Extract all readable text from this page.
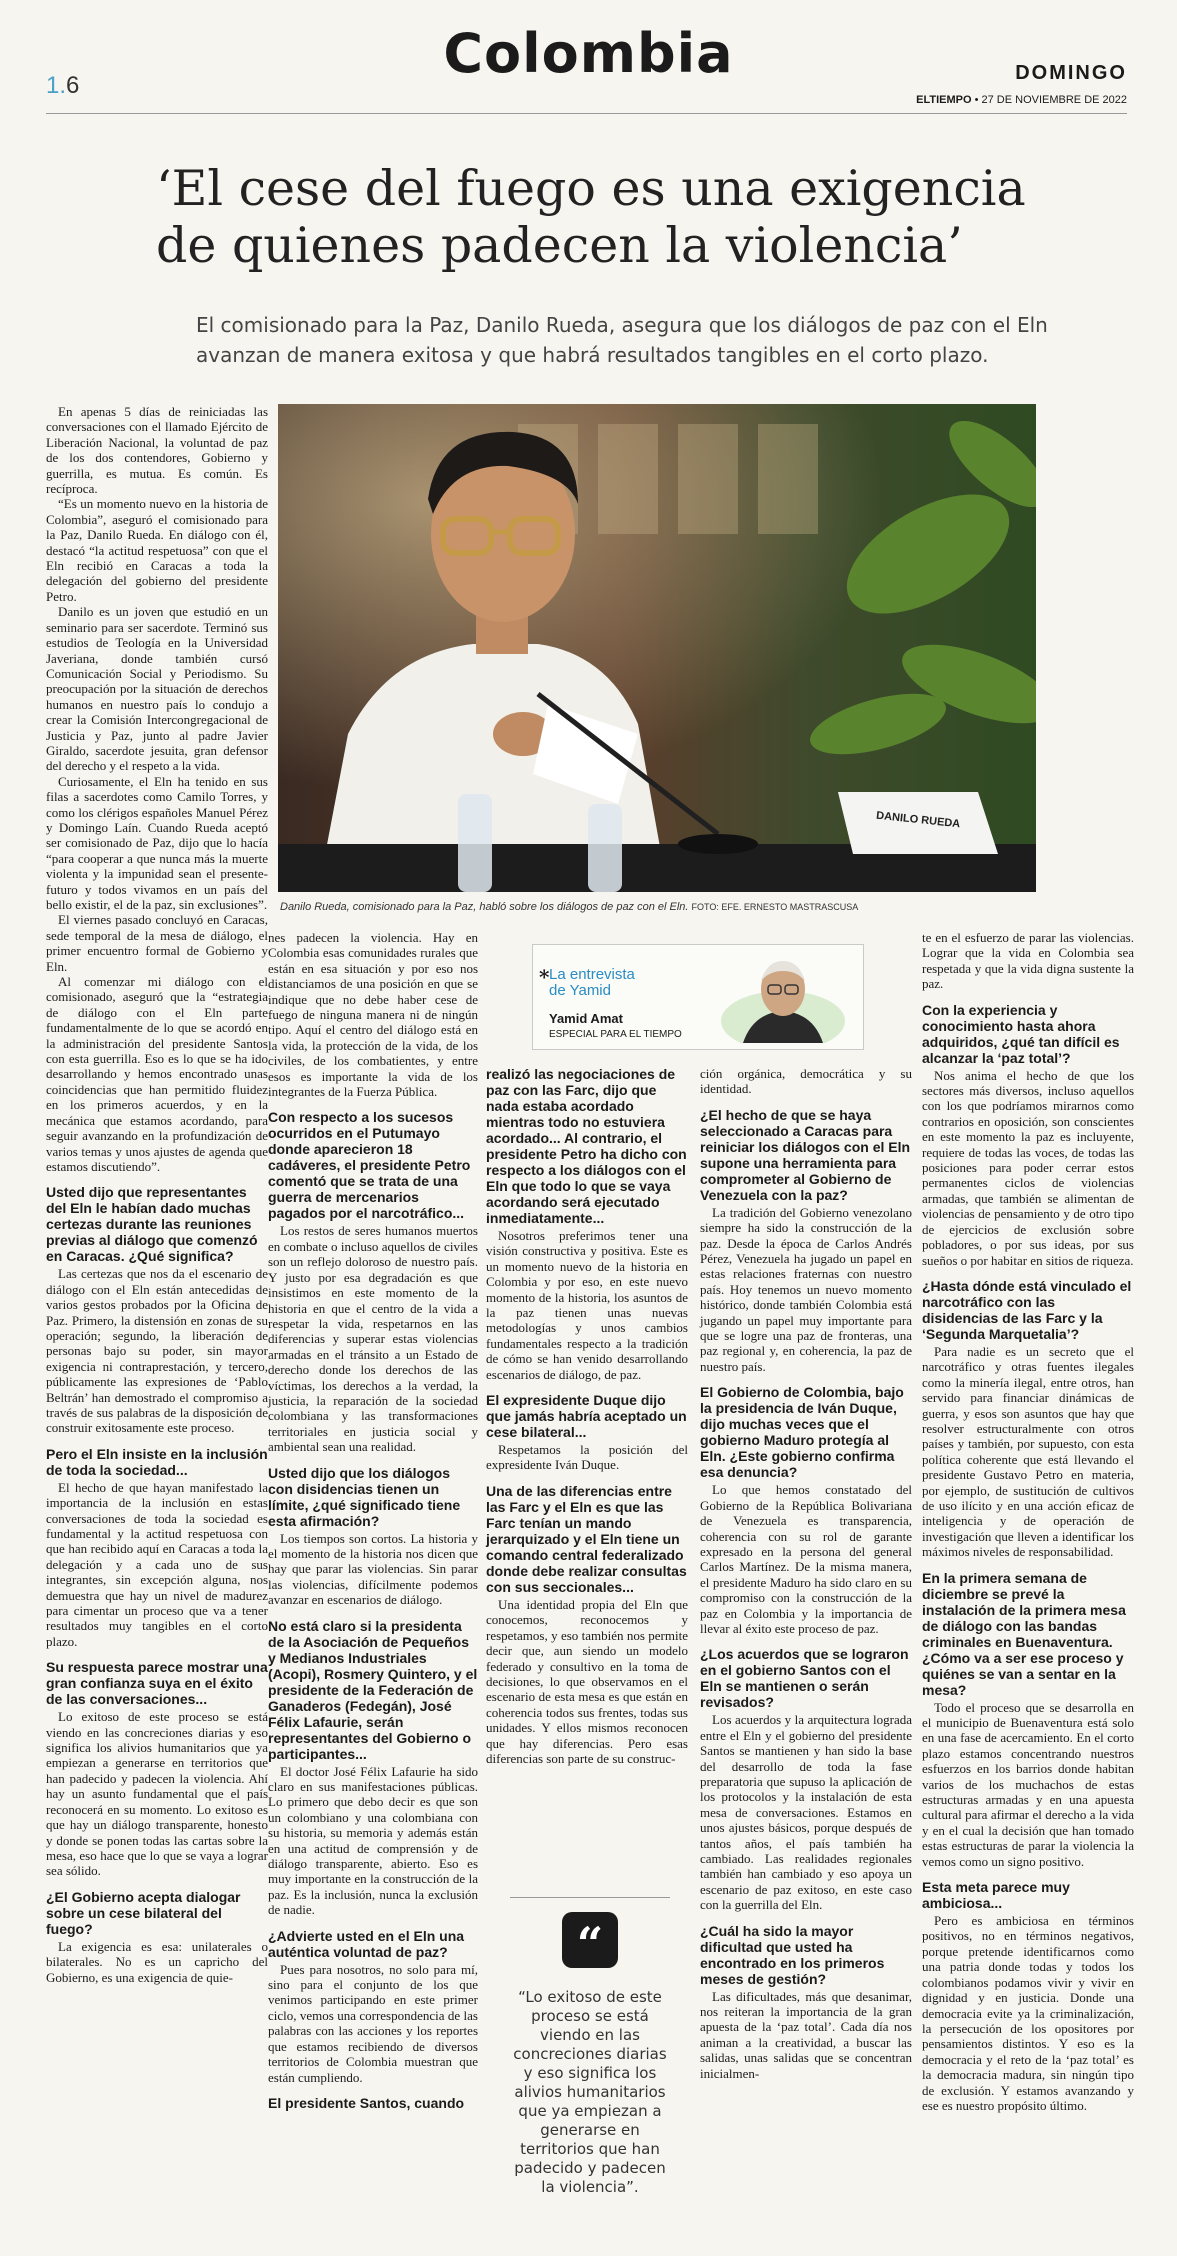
1.6
Colombia	DOMINGO
ELTIEMPO • 27 DE NOVIEMBRE DE 2022
‘El cese del fuego es una exigencia de quienes padecen la violencia’
El comisionado para la Paz, Danilo Rueda, asegura que los diálogos de paz con el Eln avanzan de manera exitosa y que habrá resultados tangibles en el corto plazo.
DANILO RUEDA
Danilo Rueda, comisionado para la Paz, habló sobre los diálogos de paz con el Eln. FOTO: EFE. ERNESTO MASTRASCUSA

En apenas 5 días de reiniciadas las conversaciones con el llamado Ejército de Liberación Nacional, la voluntad de paz de los dos contendores, Gobierno y guerrilla, es mutua. Es común. Es recíproca.

“Es un momento nuevo en la historia de Colombia”, aseguró el comisionado para la Paz, Danilo Rueda. En diálogo con él, destacó “la actitud respetuosa” con que el Eln recibió en Caracas a toda la delegación del gobierno del presidente Petro.

Danilo es un joven que estudió en un seminario para ser sacerdote. Terminó sus estudios de Teología en la Universidad Javeriana, donde también cursó Comunicación Social y Periodismo. Su preocupación por la situación de derechos humanos en nuestro país lo condujo a crear la Comisión Intercongregacional de Justicia y Paz, junto al padre Javier Giraldo, sacerdote jesuita, gran defensor del derecho y el respeto a la vida.

Curiosamente, el Eln ha tenido en sus filas a sacerdotes como Camilo Torres, y como los clérigos españoles Manuel Pérez y Domingo Laín. Cuando Rueda aceptó ser comisionado de Paz, dijo que lo hacía “para cooperar a que nunca más la muerte violenta y la impunidad sean el presente-futuro y todos vivamos en un país del bello existir, el de la paz, sin exclusiones”.

El viernes pasado concluyó en Caracas, sede temporal de la mesa de diálogo, el primer encuentro formal de Gobierno y Eln.

Al comenzar mi diálogo con el comisionado, aseguró que la “estrategia de diálogo con el Eln parte fundamentalmente de lo que se acordó en la administración del presidente Santos con esta guerrilla. Eso es lo que se ha ido desarrollando y hemos encontrado unas coincidencias que han permitido fluidez en los primeros acuerdos, y en la mecánica que estamos acordando, para seguir avanzando en la profundización de varios temas y unos ajustes de agenda que estamos discutiendo”.

Usted dijo que representantes del Eln le habían dado muchas certezas durante las reuniones previas al diálogo que comenzó en Caracas. ¿Qué significa?

Las certezas que nos da el escenario de diálogo con el Eln están antecedidas de varios gestos probados por la Oficina de Paz. Primero, la distensión en zonas de su operación; segundo, la liberación de personas bajo su poder, sin mayor exigencia ni contraprestación, y tercero, públicamente las expresiones de ‘Pablo Beltrán’ han demostrado el compromiso a través de sus palabras de la disposición de construir exitosamente este proceso.

Pero el Eln insiste en la inclusión de toda la sociedad...

El hecho de que hayan manifestado la importancia de la inclusión en estas conversaciones de toda la sociedad es fundamental y la actitud respetuosa con que han recibido aquí en Caracas a toda la delegación y a cada uno de sus integrantes, sin excepción alguna, nos demuestra que hay un nivel de madurez para cimentar un proceso que va a tener resultados muy tangibles en el corto plazo.

Su respuesta parece mostrar una gran confianza suya en el éxito de las conversaciones...

Lo exitoso de este proceso se está viendo en las concreciones diarias y eso significa los alivios humanitarios que ya empiezan a generarse en territorios que han padecido y padecen la violencia. Ahí hay un asunto fundamental que el país reconocerá en su momento. Lo exitoso es que hay un diálogo transparente, honesto y donde se ponen todas las cartas sobre la mesa, eso hace que lo que se vaya a lograr sea sólido.

¿El Gobierno acepta dialogar sobre un cese bilateral del fuego?

La exigencia es esa: unilaterales o bilaterales. No es un capricho del Gobierno, es una exigencia de quie-

nes padecen la violencia. Hay en Colombia esas comunidades rurales que están en esa situación y por eso nos distanciamos de una posición en que se indique que no debe haber cese de fuego de ninguna manera ni de ningún tipo. Aquí el centro del diálogo está en la vida, la protección de la vida, de los civiles, de los combatientes, y entre esos es importante la vida de los integrantes de la Fuerza Pública.

Con respecto a los sucesos ocurridos en el Putumayo donde aparecieron 18 cadáveres, el presidente Petro comentó que se trata de una guerra de mercenarios pagados por el narcotráfico...

Los restos de seres humanos muertos en combate o incluso aquellos de civiles son un reflejo doloroso de nuestro país. Y justo por esa degradación es que insistimos en este momento de la historia en que el centro de la vida a respetar la vida, respetarnos en las diferencias y superar estas violencias armadas en el tránsito a un Estado de derecho donde los derechos de las víctimas, los derechos a la verdad, la justicia, la reparación de la sociedad colombiana y las transformaciones territoriales en justicia social y ambiental sean una realidad.

Usted dijo que los diálogos con disidencias tienen un límite, ¿qué significado tiene esta afirmación?

Los tiempos son cortos. La historia y el momento de la historia nos dicen que hay que parar las violencias. Sin parar las violencias, difícilmente podemos avanzar en escenarios de diálogo.

No está claro si la presidenta de la Asociación de Pequeños y Medianos Industriales (Acopi), Rosmery Quintero, y el presidente de la Federación de Ganaderos (Fedegán), José Félix Lafaurie, serán representantes del Gobierno o participantes...

El doctor José Félix Lafaurie ha sido claro en sus manifestaciones públicas. Lo primero que debo decir es que son un colombiano y una colombiana con su historia, su memoria y además están en una actitud de comprensión y de diálogo transparente, abierto. Eso es muy importante en la construcción de la paz. Es la inclusión, nunca la exclusión de nadie.

¿Advierte usted en el Eln una auténtica voluntad de paz?

Pues para nosotros, no solo para mí, sino para el conjunto de los que venimos participando en este primer ciclo, vemos una correspondencia de las palabras con las acciones y los reportes que estamos recibiendo de diversos territorios de Colombia muestran que están cumpliendo.

El presidente Santos, cuando
* La entrevista
de Yamid
Yamid Amat
ESPECIAL PARA EL TIEMPO
realizó las negociaciones de paz con las Farc, dijo que nada estaba acordado mientras todo no estuviera acordado... Al contrario, el presidente Petro ha dicho con respecto a los diálogos con el Eln que todo lo que se vaya acordando será ejecutado inmediatamente...

Nosotros preferimos tener una visión constructiva y positiva. Este es un momento nuevo de la historia en Colombia y por eso, en este nuevo momento de la historia, los asuntos de la paz tienen unas nuevas metodologías y unos cambios fundamentales respecto a la tradición de cómo se han venido desarrollando escenarios de diálogo, de paz.

El expresidente Duque dijo que jamás habría aceptado un cese bilateral...

Respetamos la posición del expresidente Iván Duque.

Una de las diferencias entre las Farc y el Eln es que las Farc tenían un mando jerarquizado y el Eln tiene un comando central federalizado donde debe realizar consultas con sus seccionales...

Una identidad propia del Eln que conocemos, reconocemos y respetamos, y eso también nos permite decir que, aun siendo un modelo federado y consultivo en la toma de decisiones, lo que observamos en el escenario de esta mesa es que están en coherencia todos sus frentes, todas sus unidades. Y ellos mismos reconocen que hay diferencias. Pero esas diferencias son parte de su construc-

“
“Lo exitoso de este proceso se está viendo en las concreciones diarias y eso significa los alivios humanitarios que ya empiezan a generarse en territorios que han padecido y padecen la violencia”.

ción orgánica, democrática y su identidad.

¿El hecho de que se haya seleccionado a Caracas para reiniciar los diálogos con el Eln supone una herramienta para comprometer al Gobierno de Venezuela con la paz?

La tradición del Gobierno venezolano siempre ha sido la construcción de la paz. Desde la época de Carlos Andrés Pérez, Venezuela ha jugado un papel en estas relaciones fraternas con nuestro país. Hoy tenemos un nuevo momento histórico, donde también Colombia está jugando un papel muy importante para que se logre una paz de fronteras, una paz regional y, en coherencia, la paz de nuestro país.

El Gobierno de Colombia, bajo la presidencia de Iván Duque, dijo muchas veces que el gobierno Maduro protegía al Eln. ¿Este gobierno confirma esa denuncia?

Lo que hemos constatado del Gobierno de la República Bolivariana de Venezuela es transparencia, coherencia con su rol de garante expresado en la persona del general Carlos Martínez. De la misma manera, el presidente Maduro ha sido claro en su compromiso con la construcción de la paz en Colombia y la importancia de llevar al éxito este proceso de paz.

¿Los acuerdos que se lograron en el gobierno Santos con el Eln se mantienen o serán revisados?

Los acuerdos y la arquitectura lograda entre el Eln y el gobierno del presidente Santos se mantienen y han sido la base del desarrollo de toda la fase preparatoria que supuso la aplicación de los protocolos y la instalación de esta mesa de conversaciones. Estamos en unos ajustes básicos, porque después de tantos años, el país también ha cambiado. Las realidades regionales también han cambiado y eso apoya un escenario de paz exitoso, en este caso con la guerrilla del Eln.

¿Cuál ha sido la mayor dificultad que usted ha encontrado en los primeros meses de gestión?

Las dificultades, más que desanimar, nos reiteran la importancia de la gran apuesta de la ‘paz total’. Cada día nos animan a la creatividad, a buscar las salidas, unas salidas que se concentran inicialmen-

te en el esfuerzo de parar las violencias. Lograr que la vida en Colombia sea respetada y que la vida digna sustente la paz.

Con la experiencia y conocimiento hasta ahora adquiridos, ¿qué tan difícil es alcanzar la ‘paz total’?

Nos anima el hecho de que los sectores más diversos, incluso aquellos con los que podríamos mirarnos como contrarios en oposición, son conscientes en este momento la paz es incluyente, requiere de todas las voces, de todas las posiciones para poder cerrar estos permanentes ciclos de violencias armadas, que también se alimentan de violencias de pensamiento y de otro tipo de ejercicios de exclusión sobre pobladores, o por sus ideas, por sus sueños o por habitar en sitios de riqueza.

¿Hasta dónde está vinculado el narcotráfico con las disidencias de las Farc y la ‘Segunda Marquetalia’?

Para nadie es un secreto que el narcotráfico y otras fuentes ilegales como la minería ilegal, entre otros, han servido para financiar dinámicas de guerra, y esos son asuntos que hay que resolver estructuralmente con otros países y también, por supuesto, con esta política coherente que está llevando el presidente Gustavo Petro en materia, por ejemplo, de sustitución de cultivos de uso ilícito y en una acción eficaz de inteligencia y de operación de investigación que lleven a identificar los máximos niveles de responsabilidad.

En la primera semana de diciembre se prevé la instalación de la primera mesa de diálogo con las bandas criminales en Buenaventura. ¿Cómo va a ser ese proceso y quiénes se van a sentar en la mesa?

Todo el proceso que se desarrolla en el municipio de Buenaventura está solo en una fase de acercamiento. En el corto plazo estamos concentrando nuestros esfuerzos en los barrios donde habitan varios de los muchachos de estas estructuras armadas y en una apuesta cultural para afirmar el derecho a la vida y en el cual la decisión que han tomado estas estructuras de parar la violencia la vemos como un signo positivo.

Esta meta parece muy ambiciosa...

Pero es ambiciosa en términos positivos, no en términos negativos, porque pretende identificarnos como una patria donde todas y todos los colombianos podamos vivir y vivir en dignidad y en justicia. Donde una democracia evite ya la criminalización, la persecución de los opositores por pensamientos distintos. Y eso es la democracia y el reto de la ‘paz total’ es la democracia madura, sin ningún tipo de exclusión. Y estamos avanzando y ese es nuestro propósito último.
